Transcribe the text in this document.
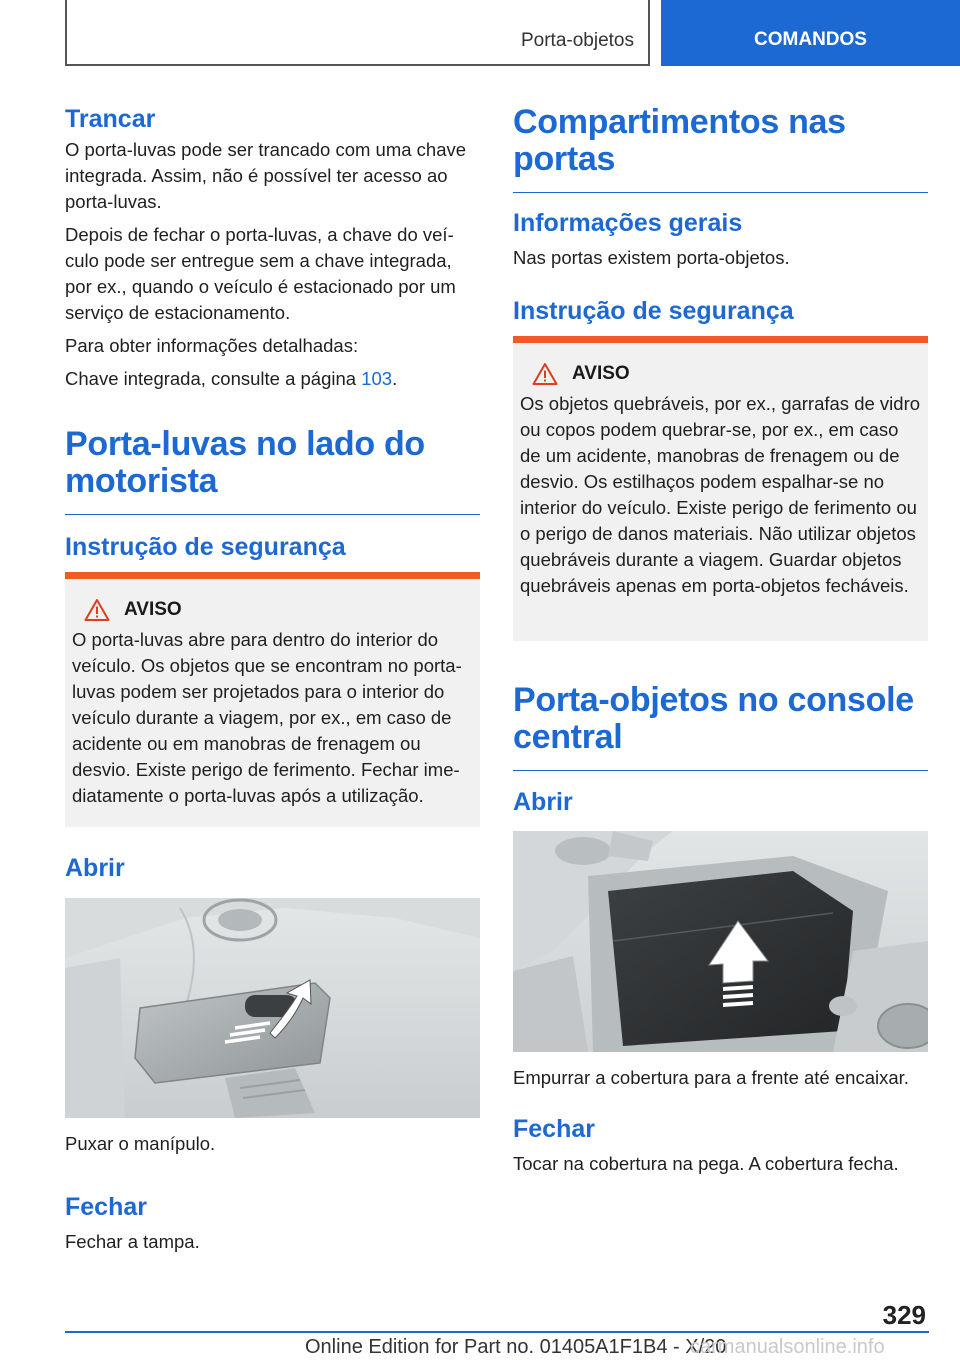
Porta-objetos	COMANDOS
Trancar

O porta-luvas pode ser trancado com uma chave integrada. Assim, não é possível ter acesso ao porta-luvas.

Depois de fechar o porta-luvas, a chave do veículo pode ser entregue sem a chave integrada, por ex., quando o veículo é estacionado por um serviço de estacionamento.

Para obter informações detalhadas:

Chave integrada, consulte a página 103.

Porta-luvas no lado do motorista
Instrução de segurança
AVISO

O porta-luvas abre para dentro do interior do veículo. Os objetos que se encontram no porta-luvas podem ser projetados para o interior do veículo durante a viagem, por ex., em caso de acidente ou em manobras de frenagem ou desvio. Existe perigo de ferimento. Fechar imediatamente o porta-luvas após a utilização.

Abrir

Puxar o manípulo.

Fechar

Fechar a tampa.

Compartimentos nas portas
Informações gerais

Nas portas existem porta-objetos.

Instrução de segurança
AVISO

Os objetos quebráveis, por ex., garrafas de vidro ou copos podem quebrar-se, por ex., em caso de um acidente, manobras de frenagem ou de desvio. Os estilhaços podem espalhar-se no interior do veículo. Existe perigo de ferimento ou o perigo de danos materiais. Não utilizar objetos quebráveis durante a viagem. Guardar objetos quebráveis apenas em porta-objetos fecháveis.

Porta-objetos no console central
Abrir

Empurrar a cobertura para a frente até encaixar.

Fechar

Tocar na cobertura na pega. A cobertura fecha.

329
Online Edition for Part no. 01405A1F1B4 - X/20
carmanualsonline.info
